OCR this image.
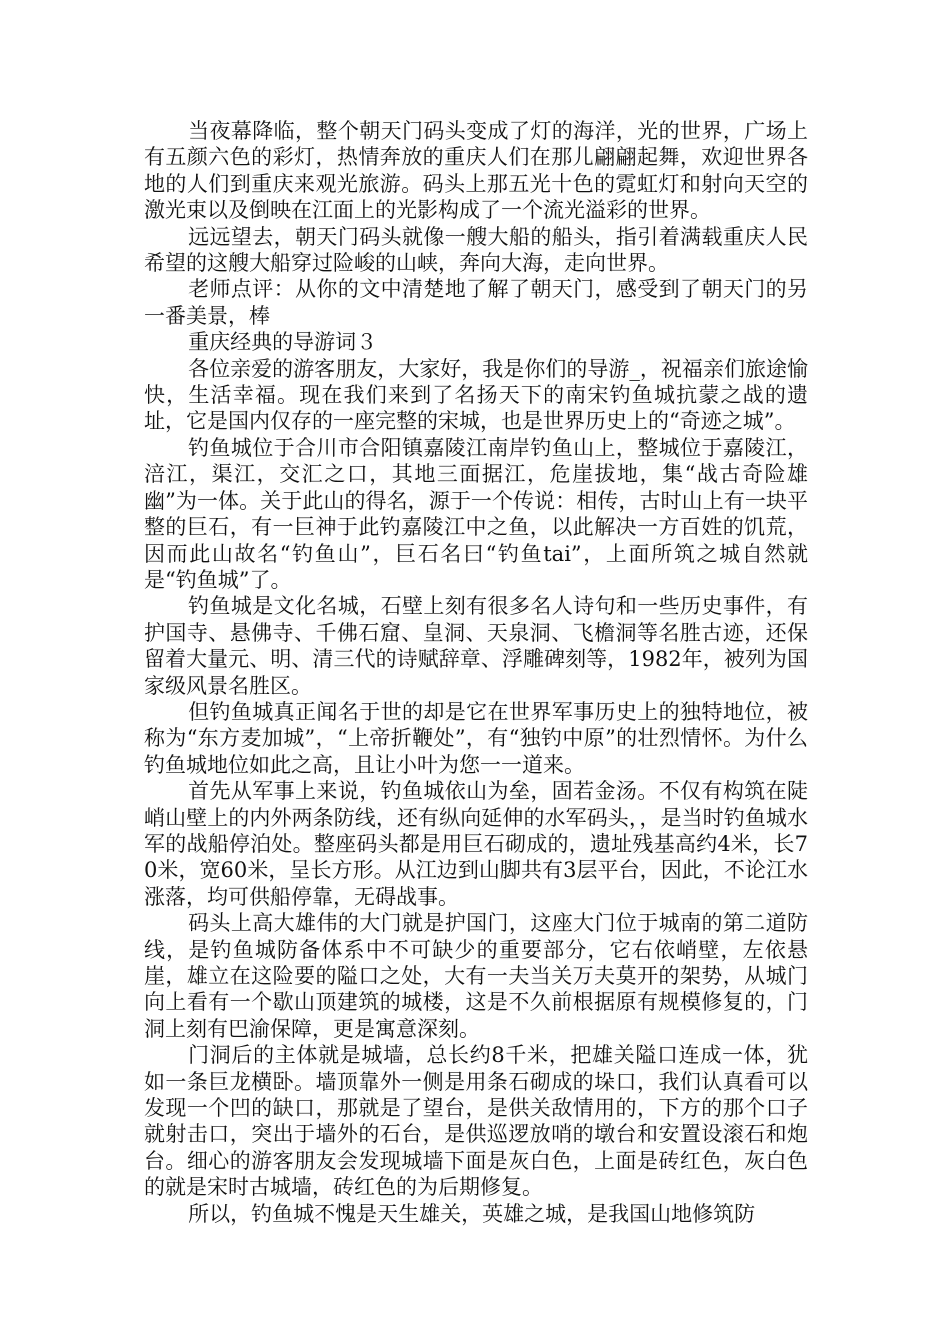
当夜幕降临，整个朝天门码头变成了灯的海洋，光的世界，广场上有五颜六色的彩灯，热情奔放的重庆人们在那儿翩翩起舞，欢迎世界各地的人们到重庆来观光旅游。码头上那五光十色的霓虹灯和射向天空的激光束以及倒映在江面上的光影构成了一个流光溢彩的世界。

远远望去，朝天门码头就像一艘大船的船头，指引着满载重庆人民希望的这艘大船穿过险峻的山峡，奔向大海，走向世界。

老师点评：从你的文中清楚地了解了朝天门，感受到了朝天门的另一番美景，棒

重庆经典的导游词３

各位亲爱的游客朋友，大家好，我是你们的导游_，祝福亲们旅途愉快，生活幸福。现在我们来到了名扬天下的南宋钓鱼城抗蒙之战的遗址，它是国内仅存的一座完整的宋城，也是世界历史上的“奇迹之城”。

钓鱼城位于合川市合阳镇嘉陵江南岸钓鱼山上，整城位于嘉陵江，涪江，渠江，交汇之口，其地三面据江，危崖拔地，集“战古奇险雄幽”为一体。关于此山的得名，源于一个传说：相传，古时山上有一块平整的巨石，有一巨神于此钓嘉陵江中之鱼，以此解决一方百姓的饥荒，因而此山故名“钓鱼山”，巨石名曰“钓鱼tai”，上面所筑之城自然就是“钓鱼城”了。

钓鱼城是文化名城，石壁上刻有很多名人诗句和一些历史事件，有护国寺、悬佛寺、千佛石窟、皇洞、天泉洞、飞檐洞等名胜古迹，还保留着大量元、明、清三代的诗赋辞章、浮雕碑刻等，1982年，被列为国家级风景名胜区。

但钓鱼城真正闻名于世的却是它在世界军事历史上的独特地位，被称为“东方麦加城”，“上帝折鞭处”，有“独钓中原”的壮烈情怀。为什么钓鱼城地位如此之高，且让小叶为您一一道来。

首先从军事上来说，钓鱼城依山为垒，固若金汤。不仅有构筑在陡峭山壁上的内外两条防线，还有纵向延伸的水军码头，，是当时钓鱼城水军的战船停泊处。整座码头都是用巨石砌成的，遗址残基高约4米，长70米，宽60米，呈长方形。从江边到山脚共有3层平台，因此，不论江水涨落，均可供船停靠，无碍战事。

码头上高大雄伟的大门就是护国门，这座大门位于城南的第二道防线，是钓鱼城防备体系中不可缺少的重要部分，它右依峭壁，左依悬崖，雄立在这险要的隘口之处，大有一夫当关万夫莫开的架势，从城门向上看有一个歇山顶建筑的城楼，这是不久前根据原有规模修复的，门洞上刻有巴渝保障，更是寓意深刻。

门洞后的主体就是城墙，总长约8千米，把雄关隘口连成一体，犹如一条巨龙横卧。墙顶靠外一侧是用条石砌成的垛口，我们认真看可以发现一个凹的缺口，那就是了望台，是供关敌情用的，下方的那个口子就射击口，突出于墙外的石台，是供巡逻放哨的墩台和安置设滚石和炮台。细心的游客朋友会发现城墙下面是灰白色，上面是砖红色，灰白色的就是宋时古城墙，砖红色的为后期修复。

所以，钓鱼城不愧是天生雄关，英雄之城，是我国山地修筑防
